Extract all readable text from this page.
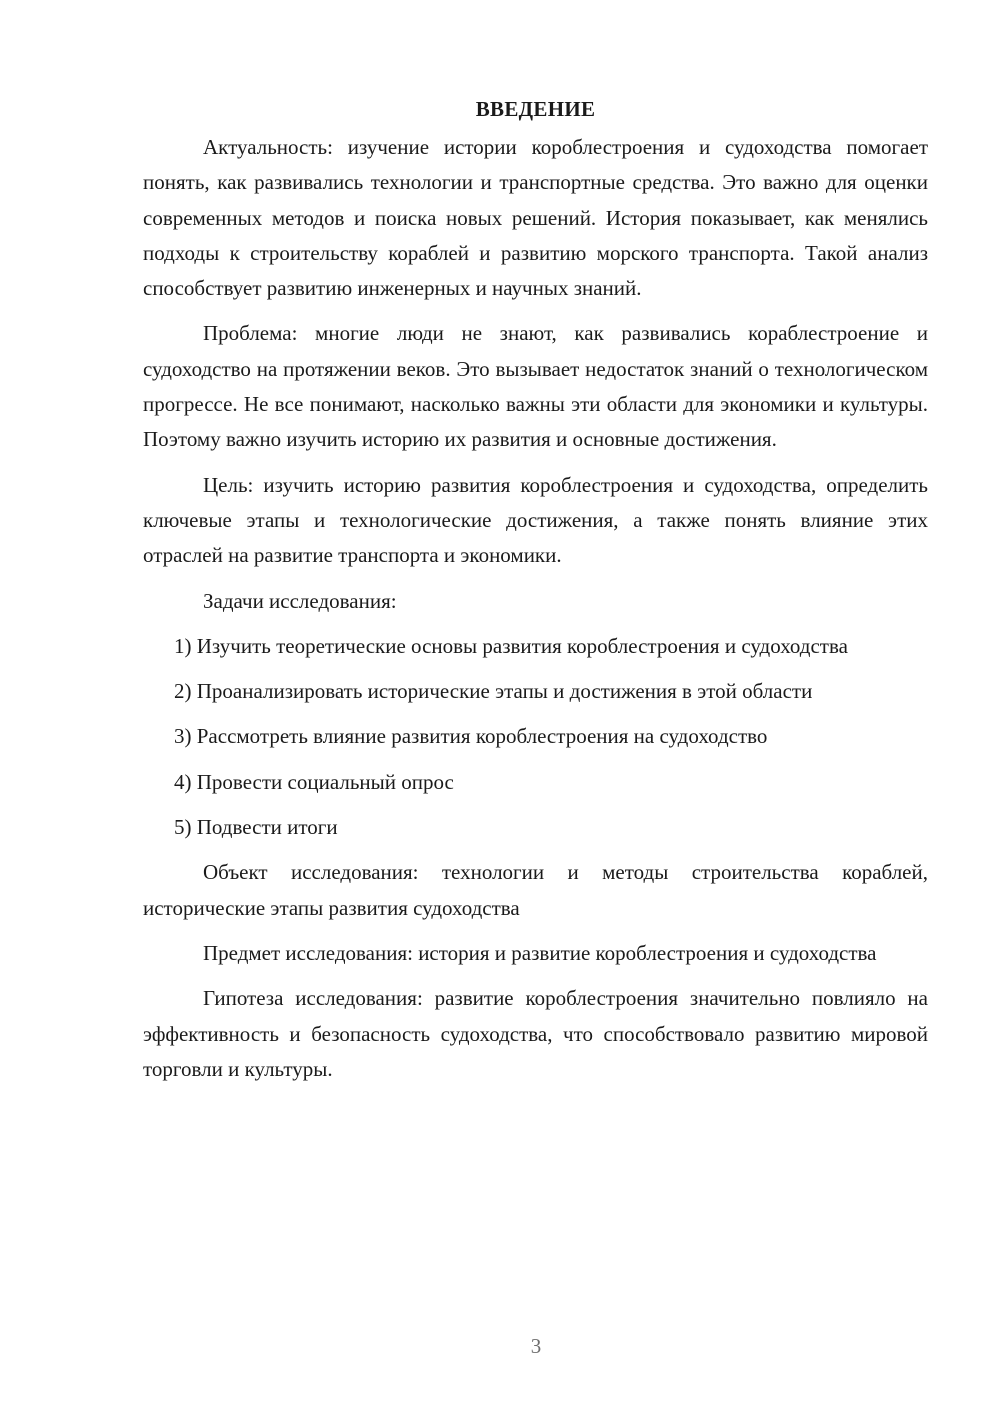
ВВЕДЕНИЕ

Актуальность: изучение истории короблестроения и судоходства помогает понять, как развивались технологии и транспортные средства. Это важно для оценки современных методов и поиска новых решений. История показывает, как менялись подходы к строительству кораблей и развитию морского транспорта. Такой анализ способствует развитию инженерных и научных знаний.

Проблема: многие люди не знают, как развивались кораблестроение и судоходство на протяжении веков. Это вызывает недостаток знаний о технологическом прогрессе. Не все понимают, насколько важны эти области для экономики и культуры. Поэтому важно изучить историю их развития и основные достижения.

Цель: изучить историю развития короблестроения и судоходства, определить ключевые этапы и технологические достижения, а также понять влияние этих отраслей на развитие транспорта и экономики.

Задачи исследования:

1) Изучить теоретические основы развития короблестроения и судоходства

2) Проанализировать исторические этапы и достижения в этой области

3) Рассмотреть влияние развития короблестроения на судоходство

4) Провести социальный опрос

5) Подвести итоги

Объект исследования: технологии и методы строительства кораблей, исторические этапы развития судоходства

Предмет исследования: история и развитие короблестроения и судоходства

Гипотеза исследования: развитие короблестроения значительно повлияло на эффективность и безопасность судоходства, что способствовало развитию мировой торговли и культуры.

3
